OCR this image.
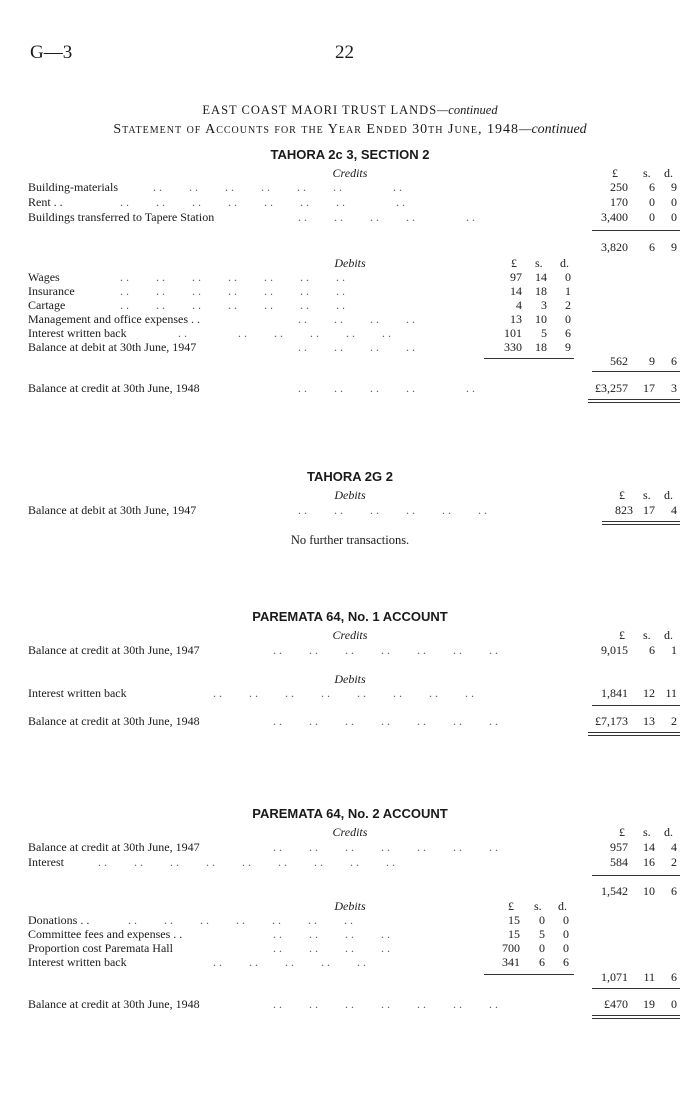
G—3	22
EAST COAST MAORI TRUST LANDS—continued
Statement of Accounts for the Year Ended 30th June, 1948—continued
TAHORA 2c 3, SECTION 2
Credits	£ s. d.
Building-materials	. .         . .         . .         . .         . .         . .                 . .	250	6	9
Rent . .	. .         . .         . .         . .         . .         . .         . .                 . .	170	0	0
Buildings transferred to Tapere Station	. .         . .         . .         . .                 . .	3,400	0	0
3,820	6	9
Debits	£ s. d.
Wages	. .         . .         . .         . .         . .         . .         . .	97 14	0
Insurance	. .         . .         . .         . .         . .         . .         . .	14 18	1
Cartage	. .         . .         . .         . .         . .         . .         . .	4	3	2
Management and office expenses . .	. .         . .         . .         . .	13 10	0
Interest written back	. .                 . .         . .         . .         . .         . .	101	5	6
Balance at debit at 30th June, 1947	. .         . .         . .         . .	330 18	9
562	9	6
Balance at credit at 30th June, 1948	. .         . .         . .         . .                 . .	£3,257 17	3
TAHORA 2G 2
Debits	£ s. d.
Balance at debit at 30th June, 1947	. .         . .         . .         . .         . .         . .	823 17	4
No further transactions.
PAREMATA 64, No. 1 ACCOUNT
Credits	£ s. d.
Balance at credit at 30th June, 1947	. .         . .         . .         . .         . .         . .         . .	9,015	6	1
Debits
Interest written back	. .         . .         . .         . .         . .         . .         . .         . .	1,841 12 11
Balance at credit at 30th June, 1948	. .         . .         . .         . .         . .         . .         . .	£7,173 13	2
PAREMATA 64, No. 2 ACCOUNT
Credits	£ s. d.
Balance at credit at 30th June, 1947	. .         . .         . .         . .         . .         . .         . .	957 14	4
Interest	. .         . .         . .         . .         . .         . .         . .         . .         . .	584 16	2
1,542 10	6
Debits	£ s. d.
Donations . .	. .         . .         . .         . .         . .         . .         . .	15	0	0
Committee fees and expenses . .	. .         . .         . .         . .	15	5	0
Proportion cost Paremata Hall	. .         . .         . .         . .	700	0	0
Interest written back	. .         . .         . .         . .         . .	341	6	6
1,071 11	6
Balance at credit at 30th June, 1948	. .         . .         . .         . .         . .         . .         . .	£470 19	0
